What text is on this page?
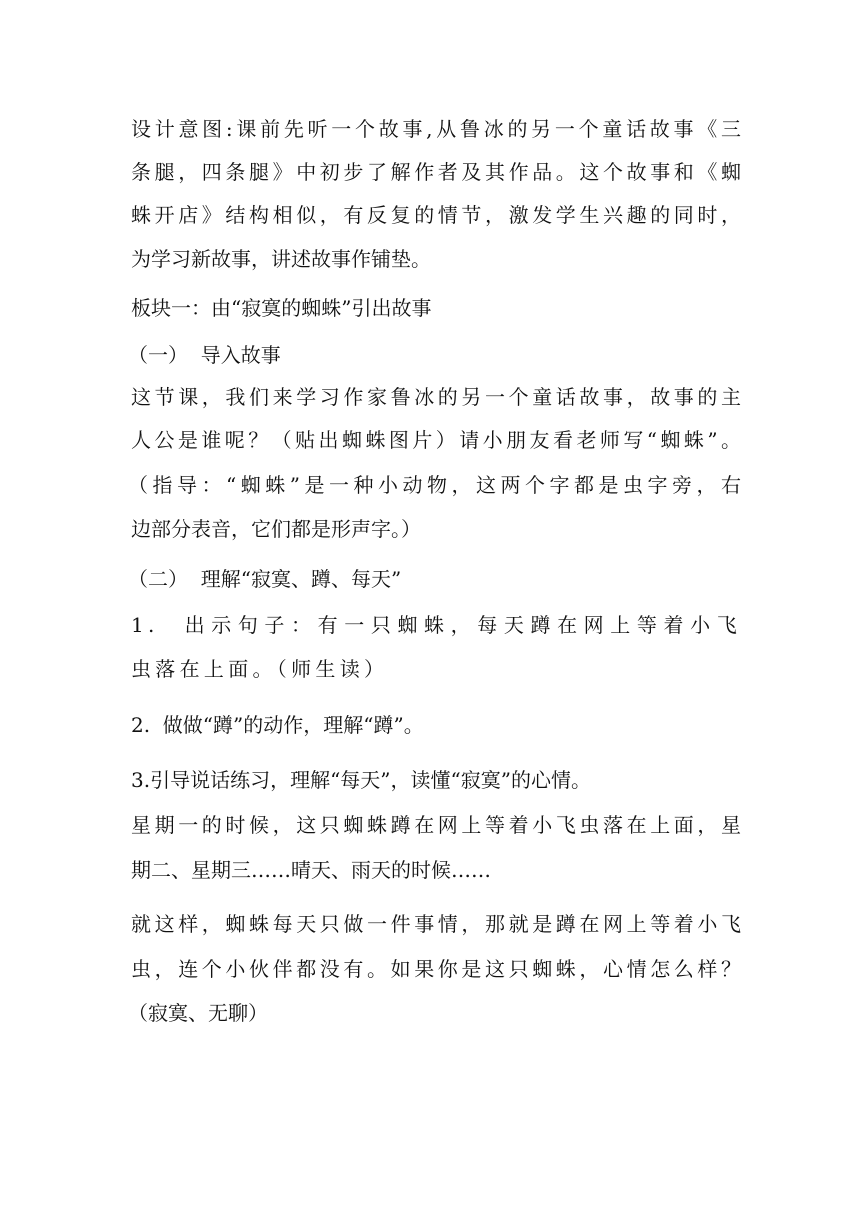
设计意图:课前先听一个故事,从鲁冰的另一个童话故事《三
条腿，四条腿》中初步了解作者及其作品。这个故事和《蜘
蛛开店》结构相似，有反复的情节，激发学生兴趣的同时，
为学习新故事，讲述故事作铺垫。
板块一：由“寂寞的蜘蛛”引出故事
（一）  导入故事
这节课，我们来学习作家鲁冰的另一个童话故事，故事的主
人公是谁呢？（贴出蜘蛛图片）请小朋友看老师写“蜘蛛”。
（指导：“蜘蛛”是一种小动物，这两个字都是虫字旁，右
边部分表音，它们都是形声字。）
（二）  理解“寂寞、蹲、每天”
1.  出示句子：有一只蜘蛛，每天蹲在网上等着小飞
虫落在上面。（师生读）
2.  做做“蹲”的动作，理解“蹲”。
3.引导说话练习，理解“每天”，读懂“寂寞”的心情。
星期一的时候，这只蜘蛛蹲在网上等着小飞虫落在上面，星
期二、星期三……晴天、雨天的时候……
就这样，蜘蛛每天只做一件事情，那就是蹲在网上等着小飞
虫，连个小伙伴都没有。如果你是这只蜘蛛，心情怎么样？
（寂寞、无聊）
